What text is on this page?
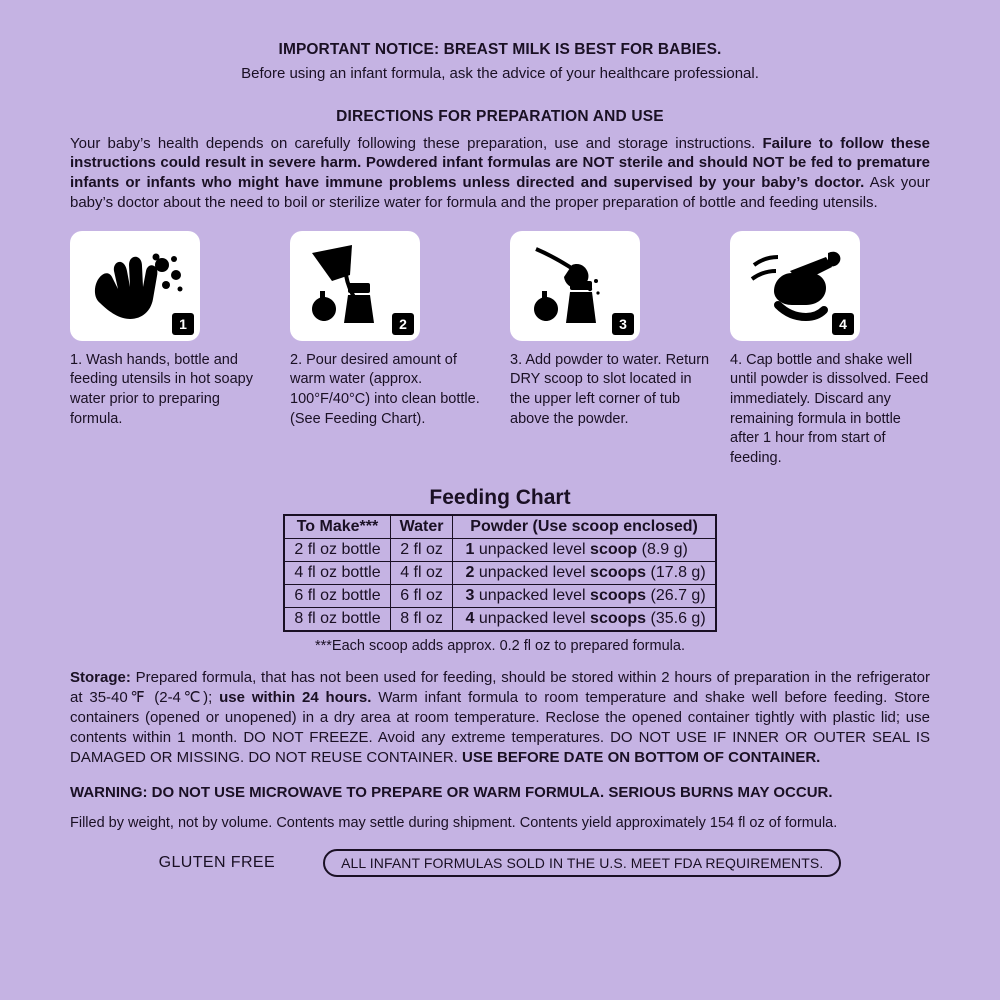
IMPORTANT NOTICE: BREAST MILK IS BEST FOR BABIES.
Before using an infant formula, ask the advice of your healthcare professional.
DIRECTIONS FOR PREPARATION AND USE
Your baby’s health depends on carefully following these preparation, use and storage instructions. Failure to follow these instructions could result in severe harm. Powdered infant formulas are NOT sterile and should NOT be fed to premature infants or infants who might have immune problems unless directed and supervised by your baby’s doctor. Ask your baby’s doctor about the need to boil or sterilize water for formula and the proper preparation of bottle and feeding utensils.
1
1. Wash hands, bottle and feeding utensils in hot soapy water prior to preparing formula.
2
2. Pour desired amount of warm water (approx. 100°F/40°C) into clean bottle. (See Feeding Chart).
3
3. Add powder to water. Return DRY scoop to slot located in the upper left corner of tub above the powder.
4
4. Cap bottle and shake well until powder is dissolved. Feed immediately. Discard any remaining formula in bottle after 1 hour from start of feeding.
Feeding Chart
To Make***	Water	Powder (Use scoop enclosed)
2 fl oz bottle	2 fl oz	1 unpacked level scoop (8.9 g)
4 fl oz bottle	4 fl oz	2 unpacked level scoops (17.8 g)
6 fl oz bottle	6 fl oz	3 unpacked level scoops (26.7 g)
8 fl oz bottle	8 fl oz	4 unpacked level scoops (35.6 g)
***Each scoop adds approx. 0.2 fl oz to prepared formula.
Storage: Prepared formula, that has not been used for feeding, should be stored within 2 hours of preparation in the refrigerator at 35-40℉ (2-4℃); use within 24 hours. Warm infant formula to room temperature and shake well before feeding. Store containers (opened or unopened) in a dry area at room temperature. Reclose the opened container tightly with plastic lid; use contents within 1 month. DO NOT FREEZE. Avoid any extreme temperatures. DO NOT USE IF INNER OR OUTER SEAL IS DAMAGED OR MISSING. DO NOT REUSE CONTAINER. USE BEFORE DATE ON BOTTOM OF CONTAINER.
WARNING: DO NOT USE MICROWAVE TO PREPARE OR WARM FORMULA. SERIOUS BURNS MAY OCCUR.
Filled by weight, not by volume. Contents may settle during shipment. Contents yield approximately 154 fl oz of formula.
GLUTEN FREE	ALL INFANT FORMULAS SOLD IN THE U.S. MEET FDA REQUIREMENTS.
